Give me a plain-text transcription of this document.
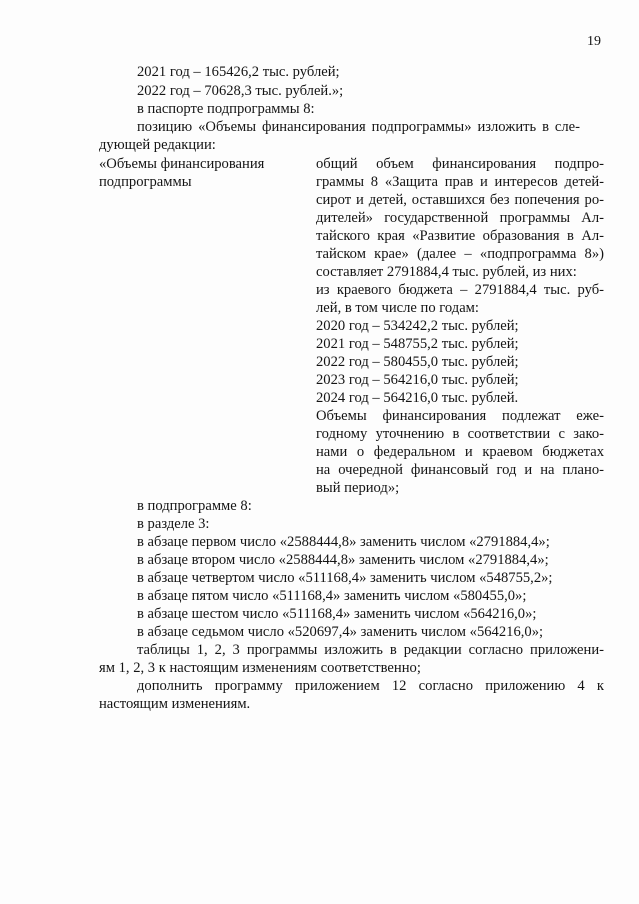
19
2021 год – 165426,2 тыс. рублей;
2022 год – 70628,3 тыс. рублей.»;
в паспорте подпрограммы 8:
позицию «Объемы финансирования подпрограммы» изложить в сле-
дующей редакции:
«Объемы финансирования
подпрограммы
общий объем финансирования подпро-
граммы 8 «Защита прав и интересов детей-
сирот и детей, оставшихся без попечения ро-
дителей» государственной программы Ал-
тайского края «Развитие образования в Ал-
тайском крае» (далее – «подпрограмма 8»)
составляет 2791884,4 тыс. рублей, из них:
из краевого бюджета – 2791884,4 тыс. руб-
лей, в том числе по годам:
2020 год – 534242,2 тыс. рублей;
2021 год – 548755,2 тыс. рублей;
2022 год – 580455,0 тыс. рублей;
2023 год – 564216,0 тыс. рублей;
2024 год – 564216,0 тыс. рублей.
Объемы финансирования подлежат еже-
годному уточнению в соответствии с зако-
нами о федеральном и краевом бюджетах
на очередной финансовый год и на плано-
вый период»;
в подпрограмме 8:
в разделе 3:
в абзаце первом число «2588444,8» заменить числом «2791884,4»;
в абзаце втором число «2588444,8» заменить числом «2791884,4»;
в абзаце четвертом число «511168,4» заменить числом «548755,2»;
в абзаце пятом число «511168,4» заменить числом «580455,0»;
в абзаце шестом число «511168,4» заменить числом «564216,0»;
в абзаце седьмом число «520697,4» заменить числом «564216,0»;
таблицы 1, 2, 3 программы изложить в редакции согласно приложени-
ям 1, 2, 3 к настоящим изменениям соответственно;
дополнить программу приложением 12 согласно приложению 4 к
настоящим изменениям.
